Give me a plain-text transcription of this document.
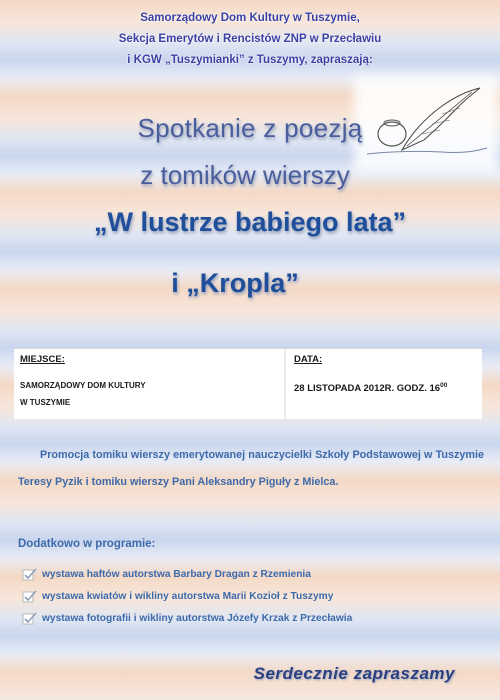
Samorządowy Dom Kultury w Tuszymie,
Sekcja Emerytów i Rencistów ZNP w Przecławiu
i KGW „Tuszymianki” z Tuszymy, zapraszają:
Spotkanie z poezją
z tomików wierszy
„W lustrze babiego lata”
i „Kropla”
MIEJSCE:
SAMORZĄDOWY DOM KULTURY
W TUSZYMIE
DATA:
28 LISTOPADA 2012R. GODZ. $16^{00}$
Promocja tomiku wierszy emerytowanej nauczycielki Szkoły Podstawowej w Tuszymie Teresy Pyzik i tomiku wierszy Pani Aleksandry Piguły z Mielca.
Dodatkowo w programie:
wystawa haftów autorstwa Barbary Dragan z Rzemienia
wystawa kwiatów i wikliny autorstwa Marii Kozioł z Tuszymy
wystawa fotografii i wikliny autorstwa Józefy Krzak z Przecławia
Serdecznie zapraszamy
